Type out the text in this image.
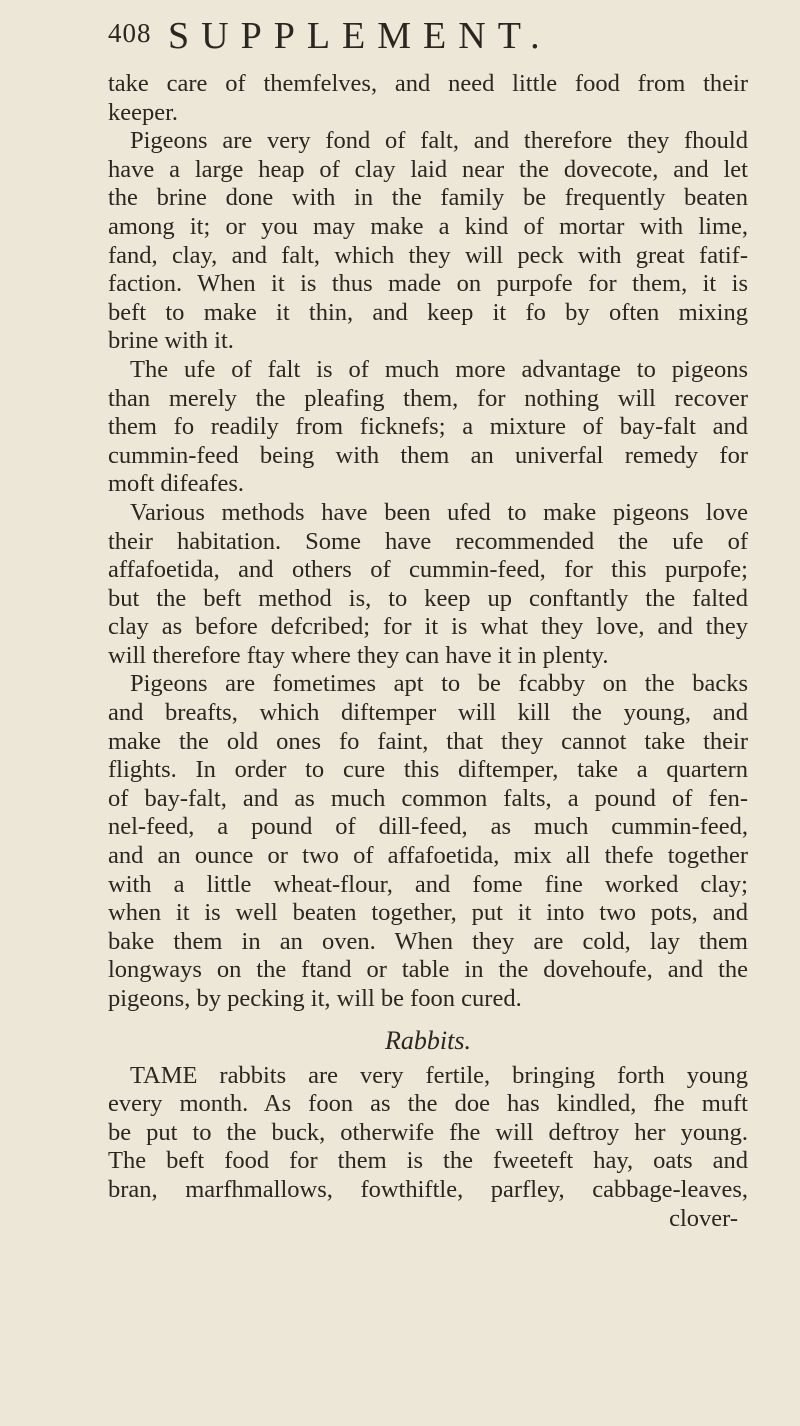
408 SUPPLEMENT.
take care of themfelves, and need little food from their
keeper.
Pigeons are very fond of falt, and therefore they fhould
have a large heap of clay laid near the dovecote, and let
the brine done with in the family be frequently beaten
among it; or you may make a kind of mortar with lime,
fand, clay, and falt, which they will peck with great fatif-
faction. When it is thus made on purpofe for them, it is
beft to make it thin, and keep it fo by often mixing
brine with it.
The ufe of falt is of much more advantage to pigeons
than merely the pleafing them, for nothing will recover
them fo readily from ficknefs; a mixture of bay-falt and
cummin-feed being with them an univerfal remedy for
moft difeafes.
Various methods have been ufed to make pigeons love
their habitation. Some have recommended the ufe of
affafoetida, and others of cummin-feed, for this purpofe;
but the beft method is, to keep up conftantly the falted
clay as before defcribed; for it is what they love, and they
will therefore ftay where they can have it in plenty.
Pigeons are fometimes apt to be fcabby on the backs
and breafts, which diftemper will kill the young, and
make the old ones fo faint, that they cannot take their
flights. In order to cure this diftemper, take a quartern
of bay-falt, and as much common falts, a pound of fen-
nel-feed, a pound of dill-feed, as much cummin-feed,
and an ounce or two of affafoetida, mix all thefe together
with a little wheat-flour, and fome fine worked clay;
when it is well beaten together, put it into two pots, and
bake them in an oven. When they are cold, lay them
longways on the ftand or table in the dovehoufe, and the
pigeons, by pecking it, will be foon cured.
Rabbits.
TAME rabbits are very fertile, bringing forth young
every month. As foon as the doe has kindled, fhe muft
be put to the buck, otherwife fhe will deftroy her young.
The beft food for them is the fweeteft hay, oats and
bran, marfhmallows, fowthiftle, parfley, cabbage-leaves,
clover-
